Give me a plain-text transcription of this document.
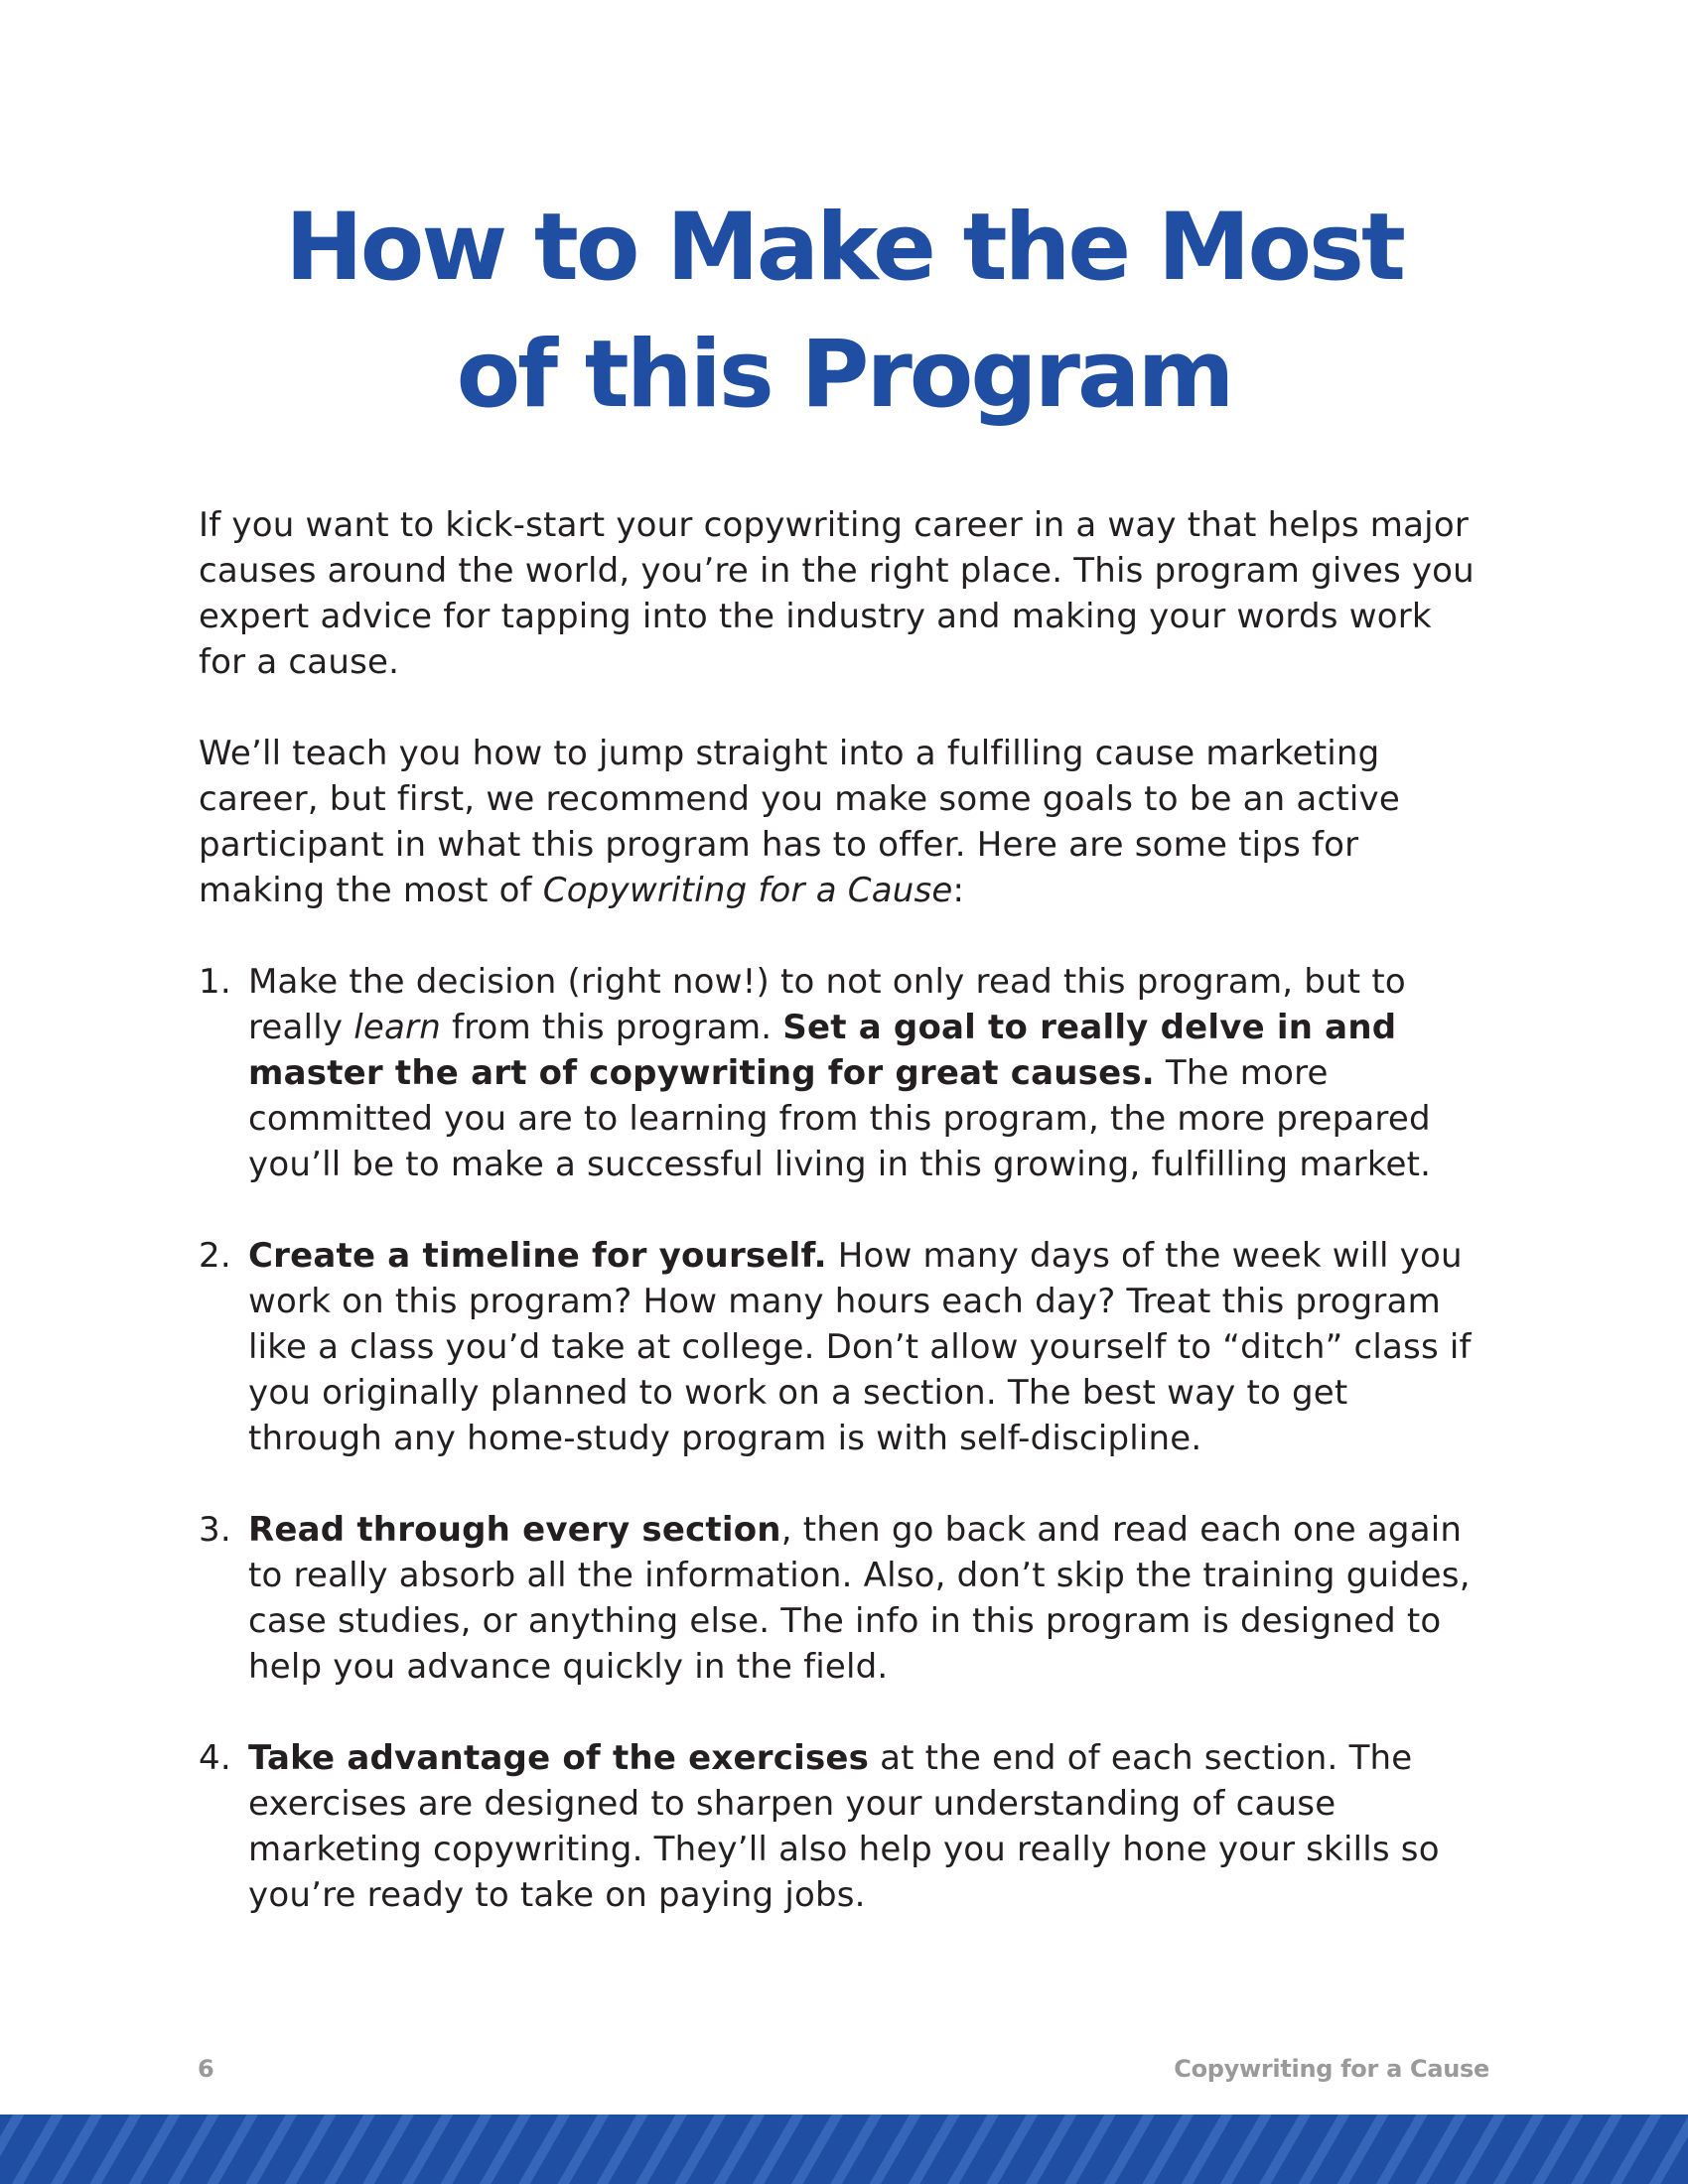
How to Make the Most
of this Program

If you want to kick-start your copywriting career in a way that helps major causes around the world, you’re in the right place. This program gives you expert advice for tapping into the industry and making your words work for a cause.

We’ll teach you how to jump straight into a fulfilling cause marketing career, but first, we recommend you make some goals to be an active participant in what this program has to offer. Here are some tips for making the most of Copywriting for a Cause:

1. Make the decision (right now!) to not only read this program, but to really learn from this program. Set a goal to really delve in and master the art of copywriting for great causes. The more committed you are to learning from this program, the more prepared you’ll be to make a successful living in this growing, fulfilling market.
2. Create a timeline for yourself. How many days of the week will you work on this program? How many hours each day? Treat this program like a class you’d take at college. Don’t allow yourself to “ditch” class if you originally planned to work on a section. The best way to get through any home-study program is with self-discipline.
3. Read through every section, then go back and read each one again to really absorb all the information. Also, don’t skip the training guides, case studies, or anything else. The info in this program is designed to help you advance quickly in the field.
4. Take advantage of the exercises at the end of each section. The exercises are designed to sharpen your understanding of cause marketing copywriting. They’ll also help you really hone your skills so you’re ready to take on paying jobs.
6	Copywriting for a Cause
